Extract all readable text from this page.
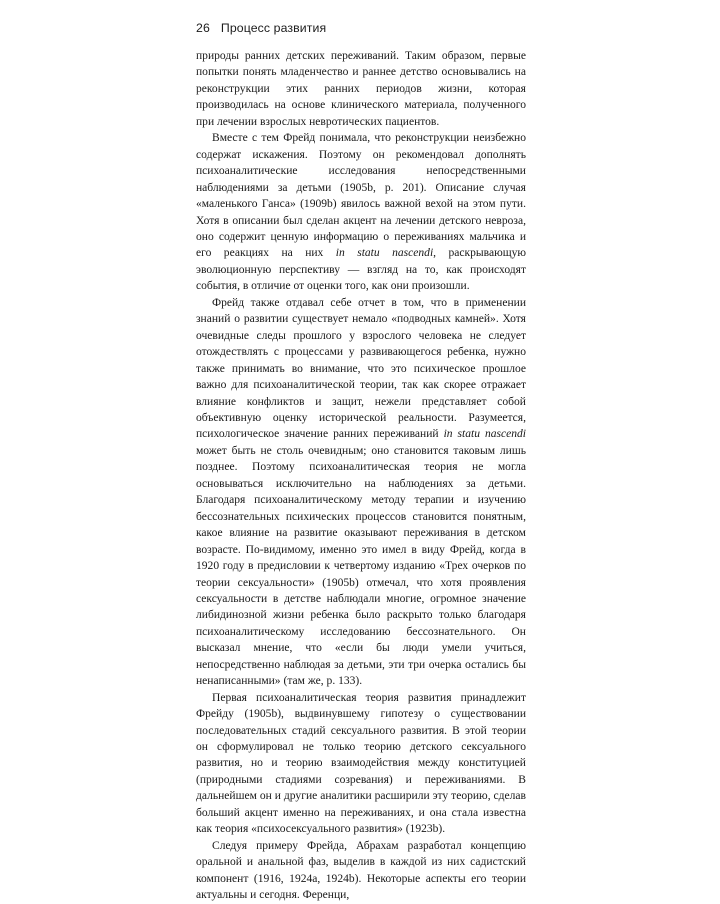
26 Процесс развития

природы ранних детских переживаний. Таким образом, первые попытки понять младенчество и раннее детство основывались на реконструкции этих ранних периодов жизни, которая производилась на основе клинического материала, полученного при лечении взрослых невротических пациентов.

Вместе с тем Фрейд понимала, что реконструкции неизбежно содержат искажения. Поэтому он рекомендовал дополнять психоаналитические исследования непосредственными наблюдениями за детьми (1905b, p. 201). Описание случая «маленького Ганса» (1909b) явилось важной вехой на этом пути. Хотя в описании был сделан акцент на лечении детского невроза, оно содержит ценную информацию о переживаниях мальчика и его реакциях на них in statu nascendi, раскрывающую эволюционную перспективу — взгляд на то, как происходят события, в отличие от оценки того, как они произошли.

Фрейд также отдавал себе отчет в том, что в применении знаний о развитии существует немало «подводных камней». Хотя очевидные следы прошлого у взрослого человека не следует отождествлять с процессами у развивающегося ребенка, нужно также принимать во внимание, что это психическое прошлое важно для психоаналитической теории, так как скорее отражает влияние конфликтов и защит, нежели представляет собой объективную оценку исторической реальности. Разумеется, психологическое значение ранних переживаний in statu nascendi может быть не столь очевидным; оно становится таковым лишь позднее. Поэтому психоаналитическая теория не могла основываться исключительно на наблюдениях за детьми. Благодаря психоаналитическому методу терапии и изучению бессознательных психических процессов становится понятным, какое влияние на развитие оказывают переживания в детском возрасте. По-видимому, именно это имел в виду Фрейд, когда в 1920 году в предисловии к четвертому изданию «Трех очерков по теории сексуальности» (1905b) отмечал, что хотя проявления сексуальности в детстве наблюдали многие, огромное значение либидинозной жизни ребенка было раскрыто только благодаря психоаналитическому исследованию бессознательного. Он высказал мнение, что «если бы люди умели учиться, непосредственно наблюдая за детьми, эти три очерка остались бы ненаписанными» (там же, p. 133).

Первая психоаналитическая теория развития принадлежит Фрейду (1905b), выдвинувшему гипотезу о существовании последовательных стадий сексуального развития. В этой теории он сформулировал не только теорию детского сексуального развития, но и теорию взаимодействия между конституцией (природными стадиями созревания) и переживаниями. В дальнейшем он и другие аналитики расширили эту теорию, сделав больший акцент именно на переживаниях, и она стала известна как теория «психосексуального развития» (1923b).

Следуя примеру Фрейда, Абрахам разработал концепцию оральной и анальной фаз, выделив в каждой из них садистский компонент (1916, 1924a, 1924b). Некоторые аспекты его теории актуальны и сегодня. Ференци,
